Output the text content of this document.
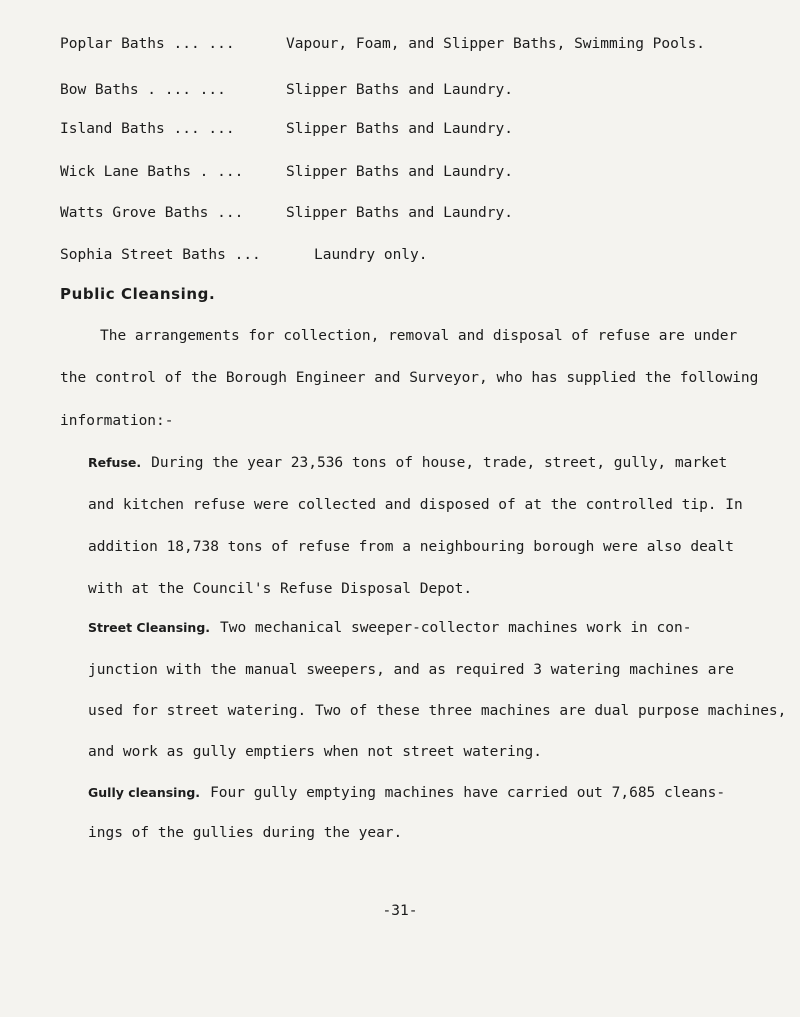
Poplar Baths ... ...	Vapour, Foam, and Slipper Baths, Swimming Pools.
Bow Baths . ... ...	Slipper Baths and Laundry.
Island Baths ... ...	Slipper Baths and Laundry.
Wick Lane Baths . ...	Slipper Baths and Laundry.
Watts Grove Baths ...	Slipper Baths and Laundry.
Sophia Street Baths ...	Laundry only.
Public Cleansing.
The arrangements for collection, removal and disposal of refuse are under
the control of the Borough Engineer and Surveyor, who has supplied the following
information:-
Refuse. During the year 23,536 tons of house, trade, street, gully, market
and kitchen refuse were collected and disposed of at the controlled tip. In
addition 18,738 tons of refuse from a neighbouring borough were also dealt
with at the Council's Refuse Disposal Depot.
Street Cleansing. Two mechanical sweeper-collector machines work in con-
junction with the manual sweepers, and as required 3 watering machines are
used for street watering. Two of these three machines are dual purpose machines,
and work as gully emptiers when not street watering.
Gully cleansing. Four gully emptying machines have carried out 7,685 cleans-
ings of the gullies during the year.
-31-
